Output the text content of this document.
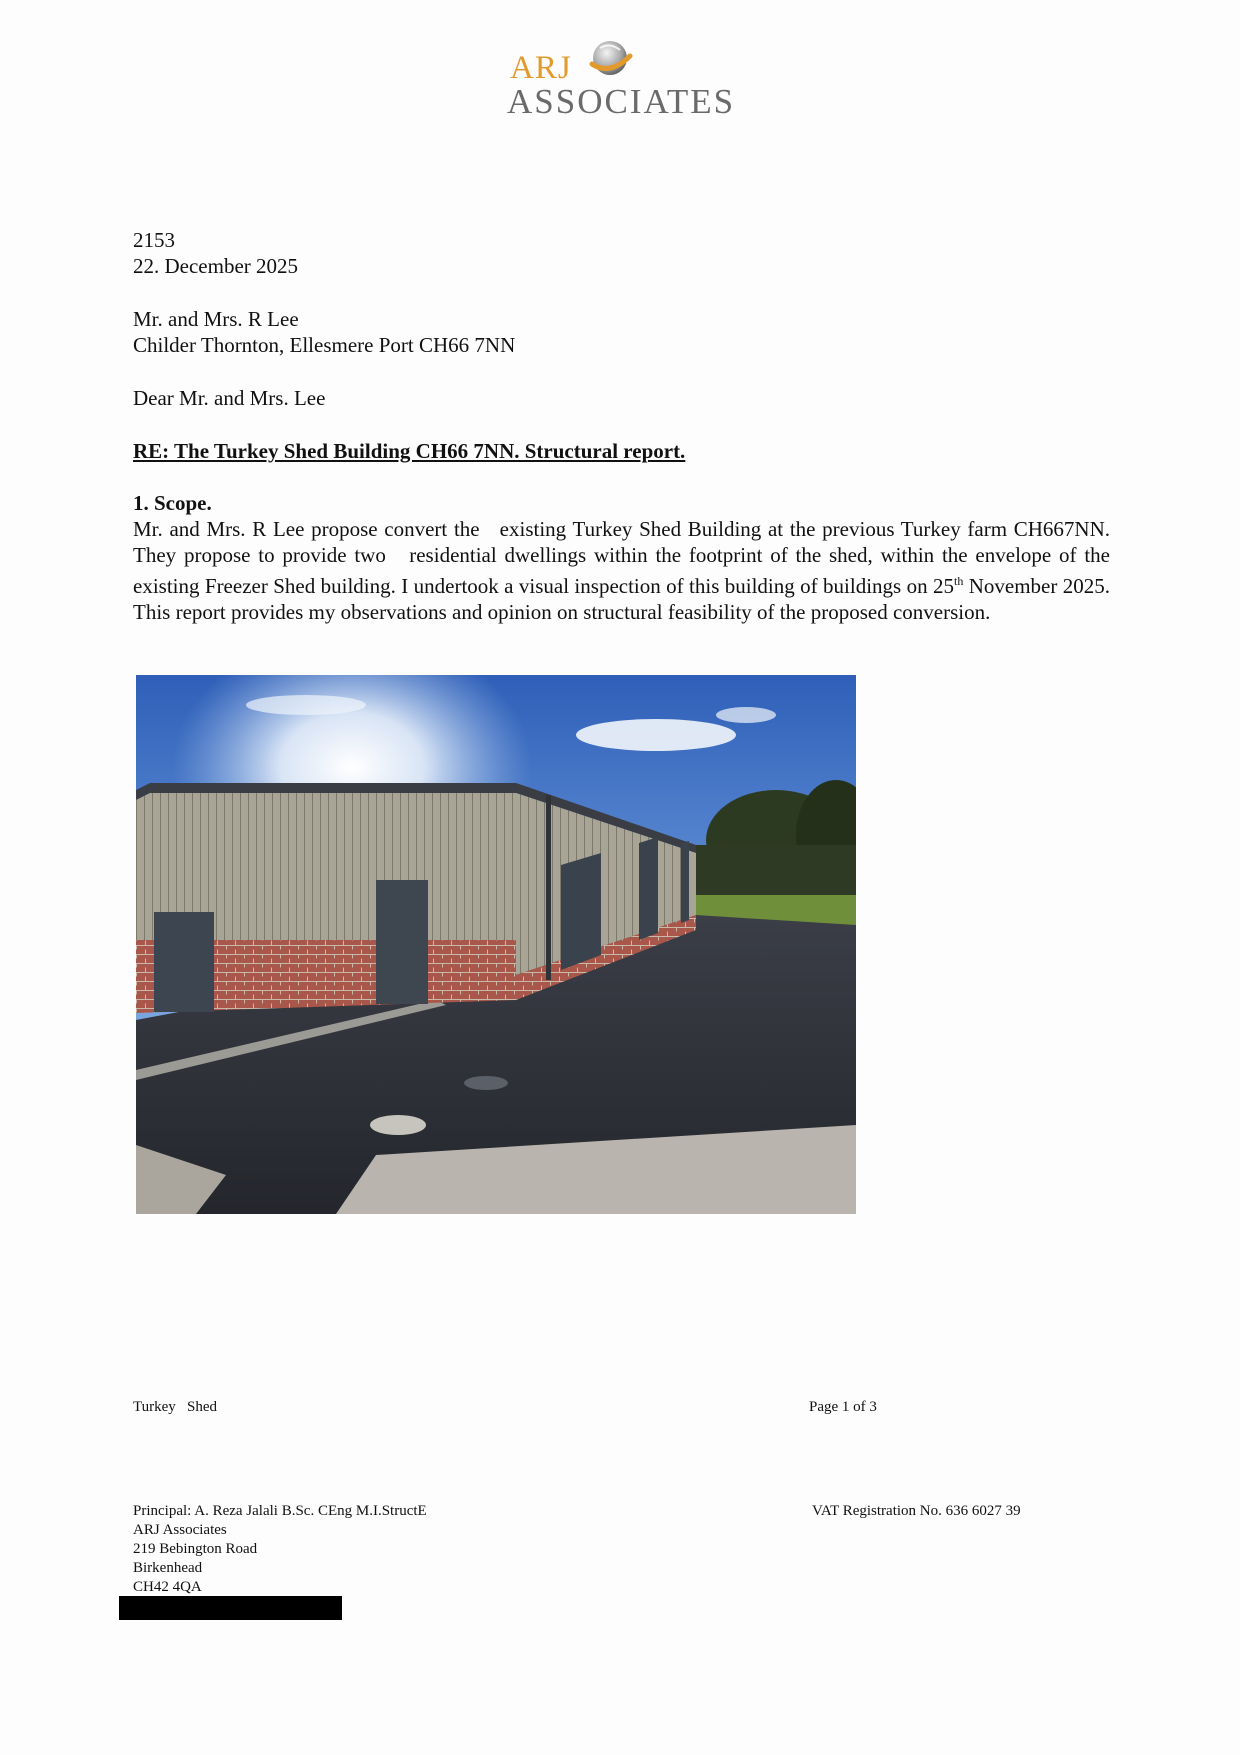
ARJ
ASSOCIATES
2153
22. December 2025
Mr. and Mrs. R Lee
Childer Thornton, Ellesmere Port CH66 7NN
Dear Mr. and Mrs. Lee
RE: The Turkey Shed Building CH66 7NN. Structural report.
1. Scope.
Mr. and Mrs. R Lee propose convert the   existing Turkey Shed Building at the previous Turkey farm CH667NN. They propose to provide two   residential dwellings within the footprint of the shed, within the envelope of the existing Freezer Shed building. I undertook a visual inspection of this building of buildings on 25th November 2025. This report provides my observations and opinion on structural feasibility of the proposed conversion.
Turkey   Shed	Page 1 of 3
Principal: A. Reza Jalali B.Sc. CEng M.I.StructE	VAT Registration No. 636 6027 39
ARJ Associates
219 Bebington Road
Birkenhead
CH42 4QA
